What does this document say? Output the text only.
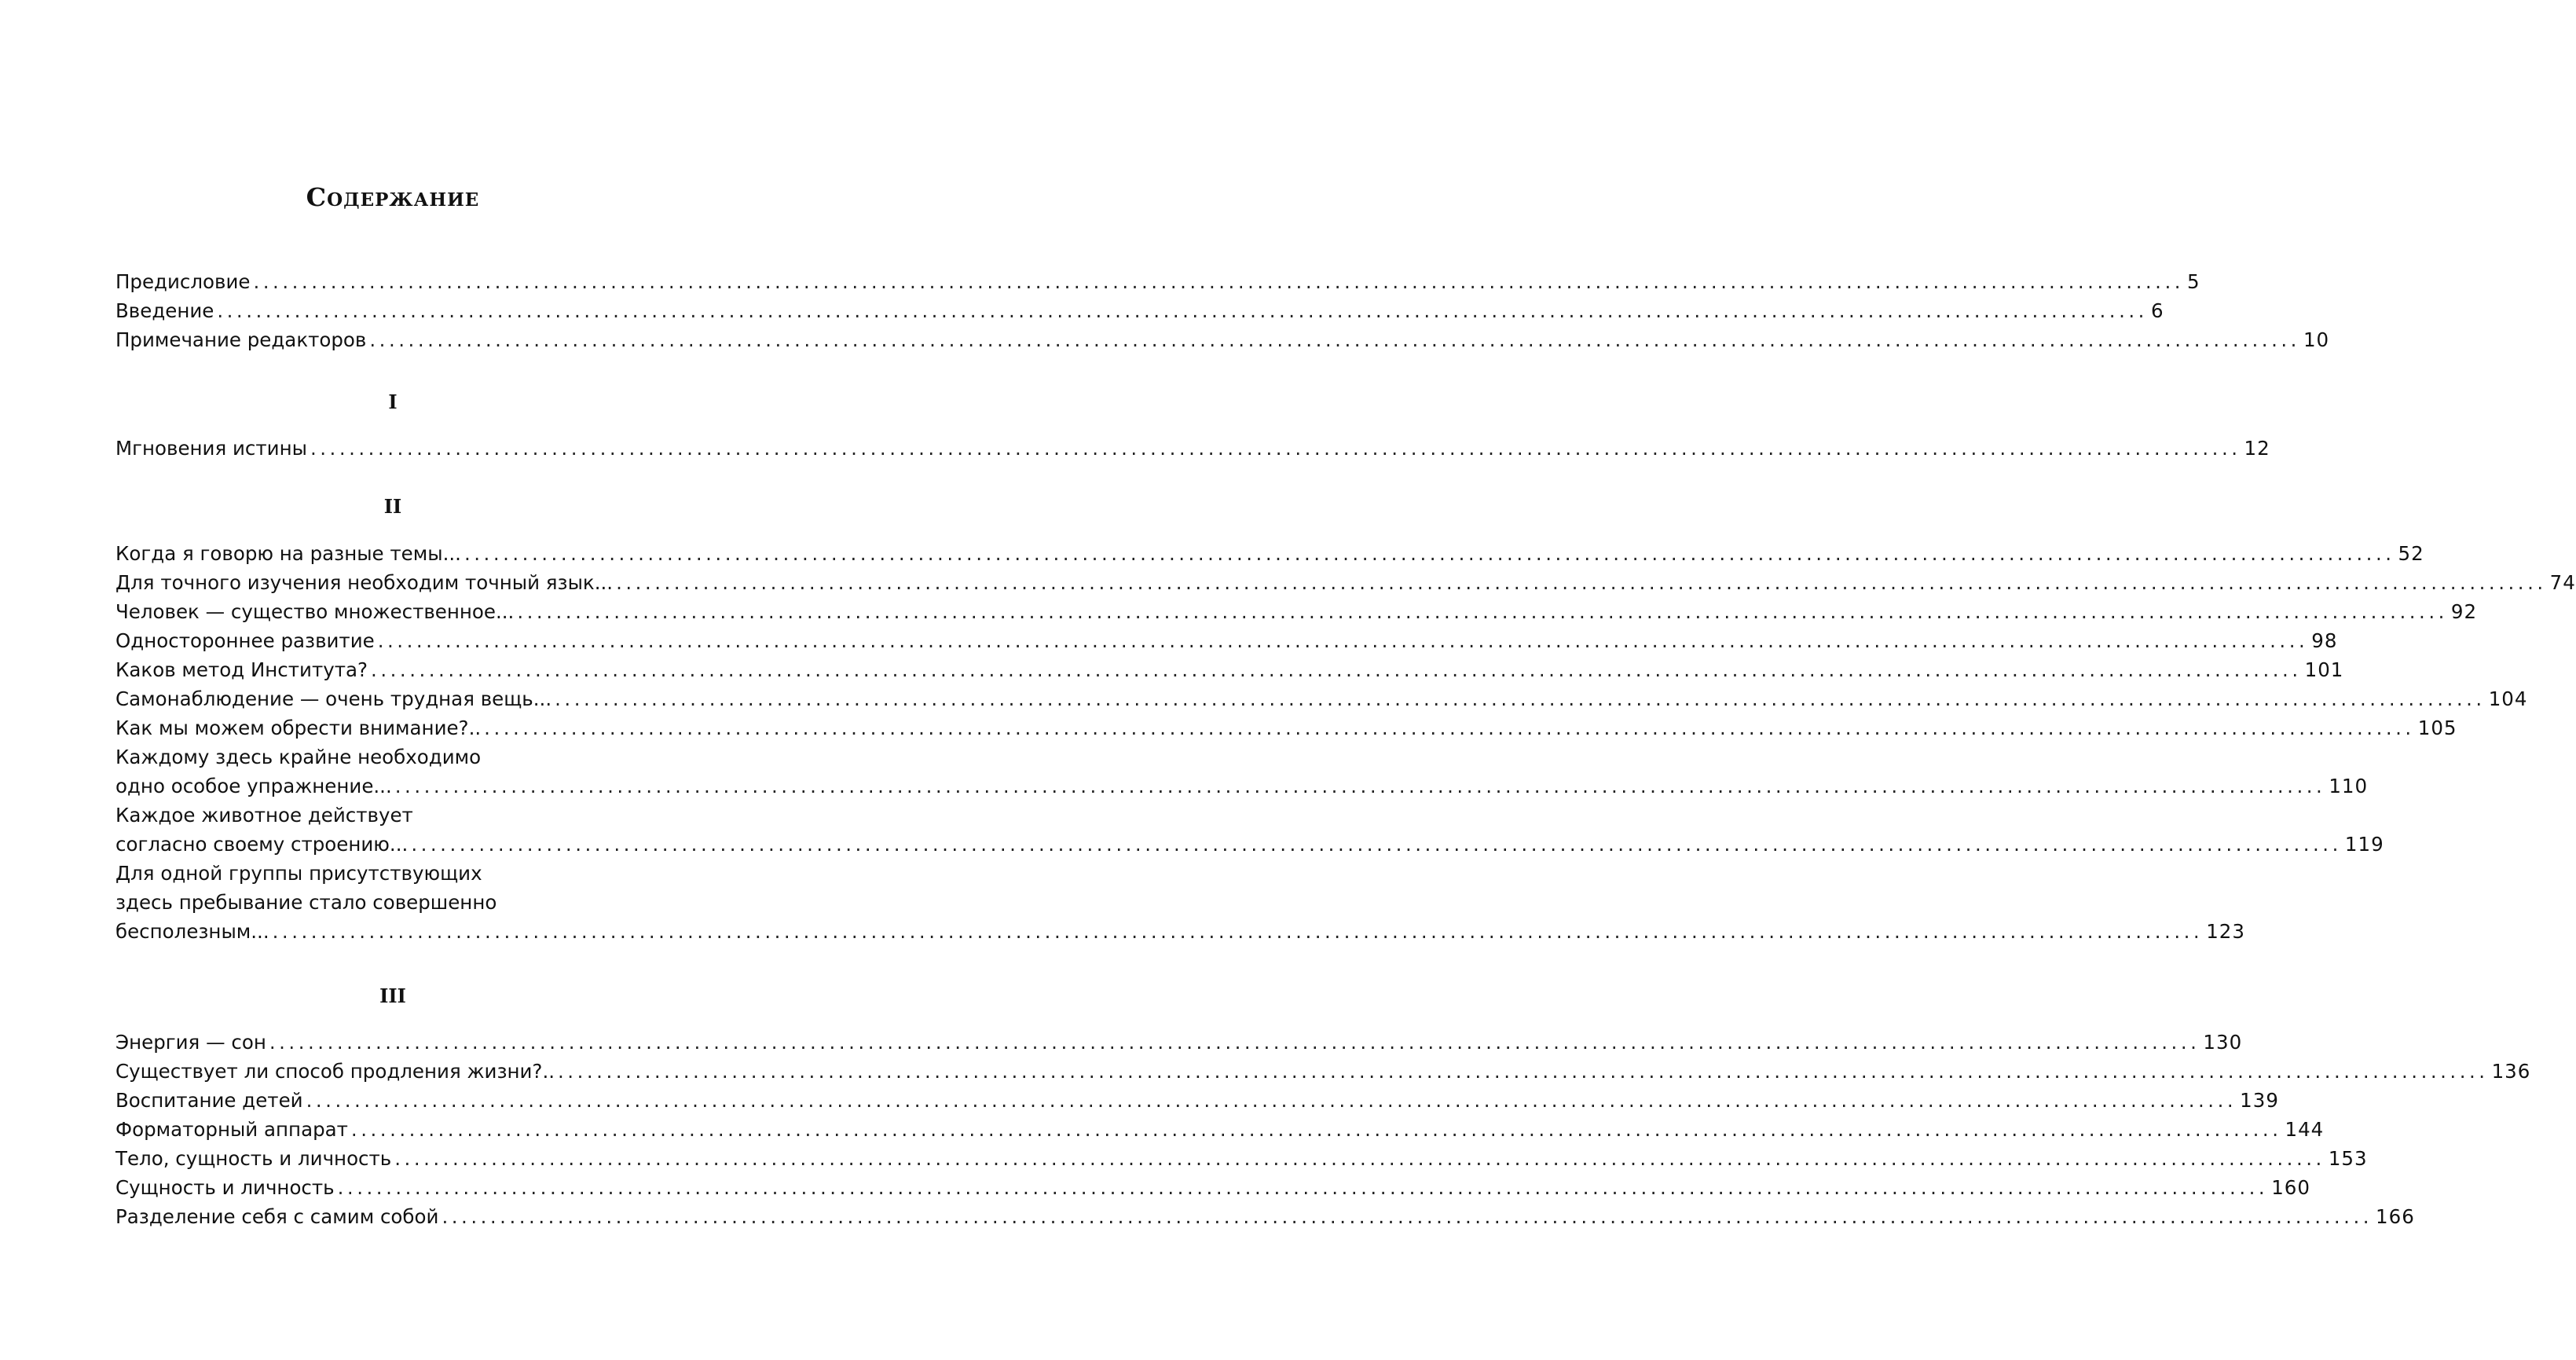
СОДЕРЖАНИЕ
Предисловие ........................................................................................................................................................................................................ 5
Введение ........................................................................................................................................................................................................ 6
Примечание редакторов ........................................................................................................................................................................................................ 10
I
Мгновения истины ........................................................................................................................................................................................................ 12
II
Когда я говорю на разные темы... ........................................................................................................................................................................................................ 52
Для точного изучения необходим точный язык... ........................................................................................................................................................................................................ 74
Человек — существо множественное... ........................................................................................................................................................................................................ 92
Одностороннее развитие ........................................................................................................................................................................................................ 98
Каков метод Института? ........................................................................................................................................................................................................ 101
Самонаблюдение — очень трудная вещь... ........................................................................................................................................................................................................ 104
Как мы можем обрести внимание?.. ........................................................................................................................................................................................................ 105
Каждому здесь крайне необходимо
одно особое упражнение... ........................................................................................................................................................................................................ 110
Каждое животное действует
согласно своему строению... ........................................................................................................................................................................................................ 119
Для одной группы присутствующих
здесь пребывание стало совершенно
бесполезным... ........................................................................................................................................................................................................ 123
III
Энергия — сон ........................................................................................................................................................................................................ 130
Существует ли способ продления жизни?.. ........................................................................................................................................................................................................ 136
Воспитание детей ........................................................................................................................................................................................................ 139
Форматорный аппарат ........................................................................................................................................................................................................ 144
Тело, сущность и личность ........................................................................................................................................................................................................ 153
Сущность и личность ........................................................................................................................................................................................................ 160
Разделение себя с самим собой ........................................................................................................................................................................................................ 166
